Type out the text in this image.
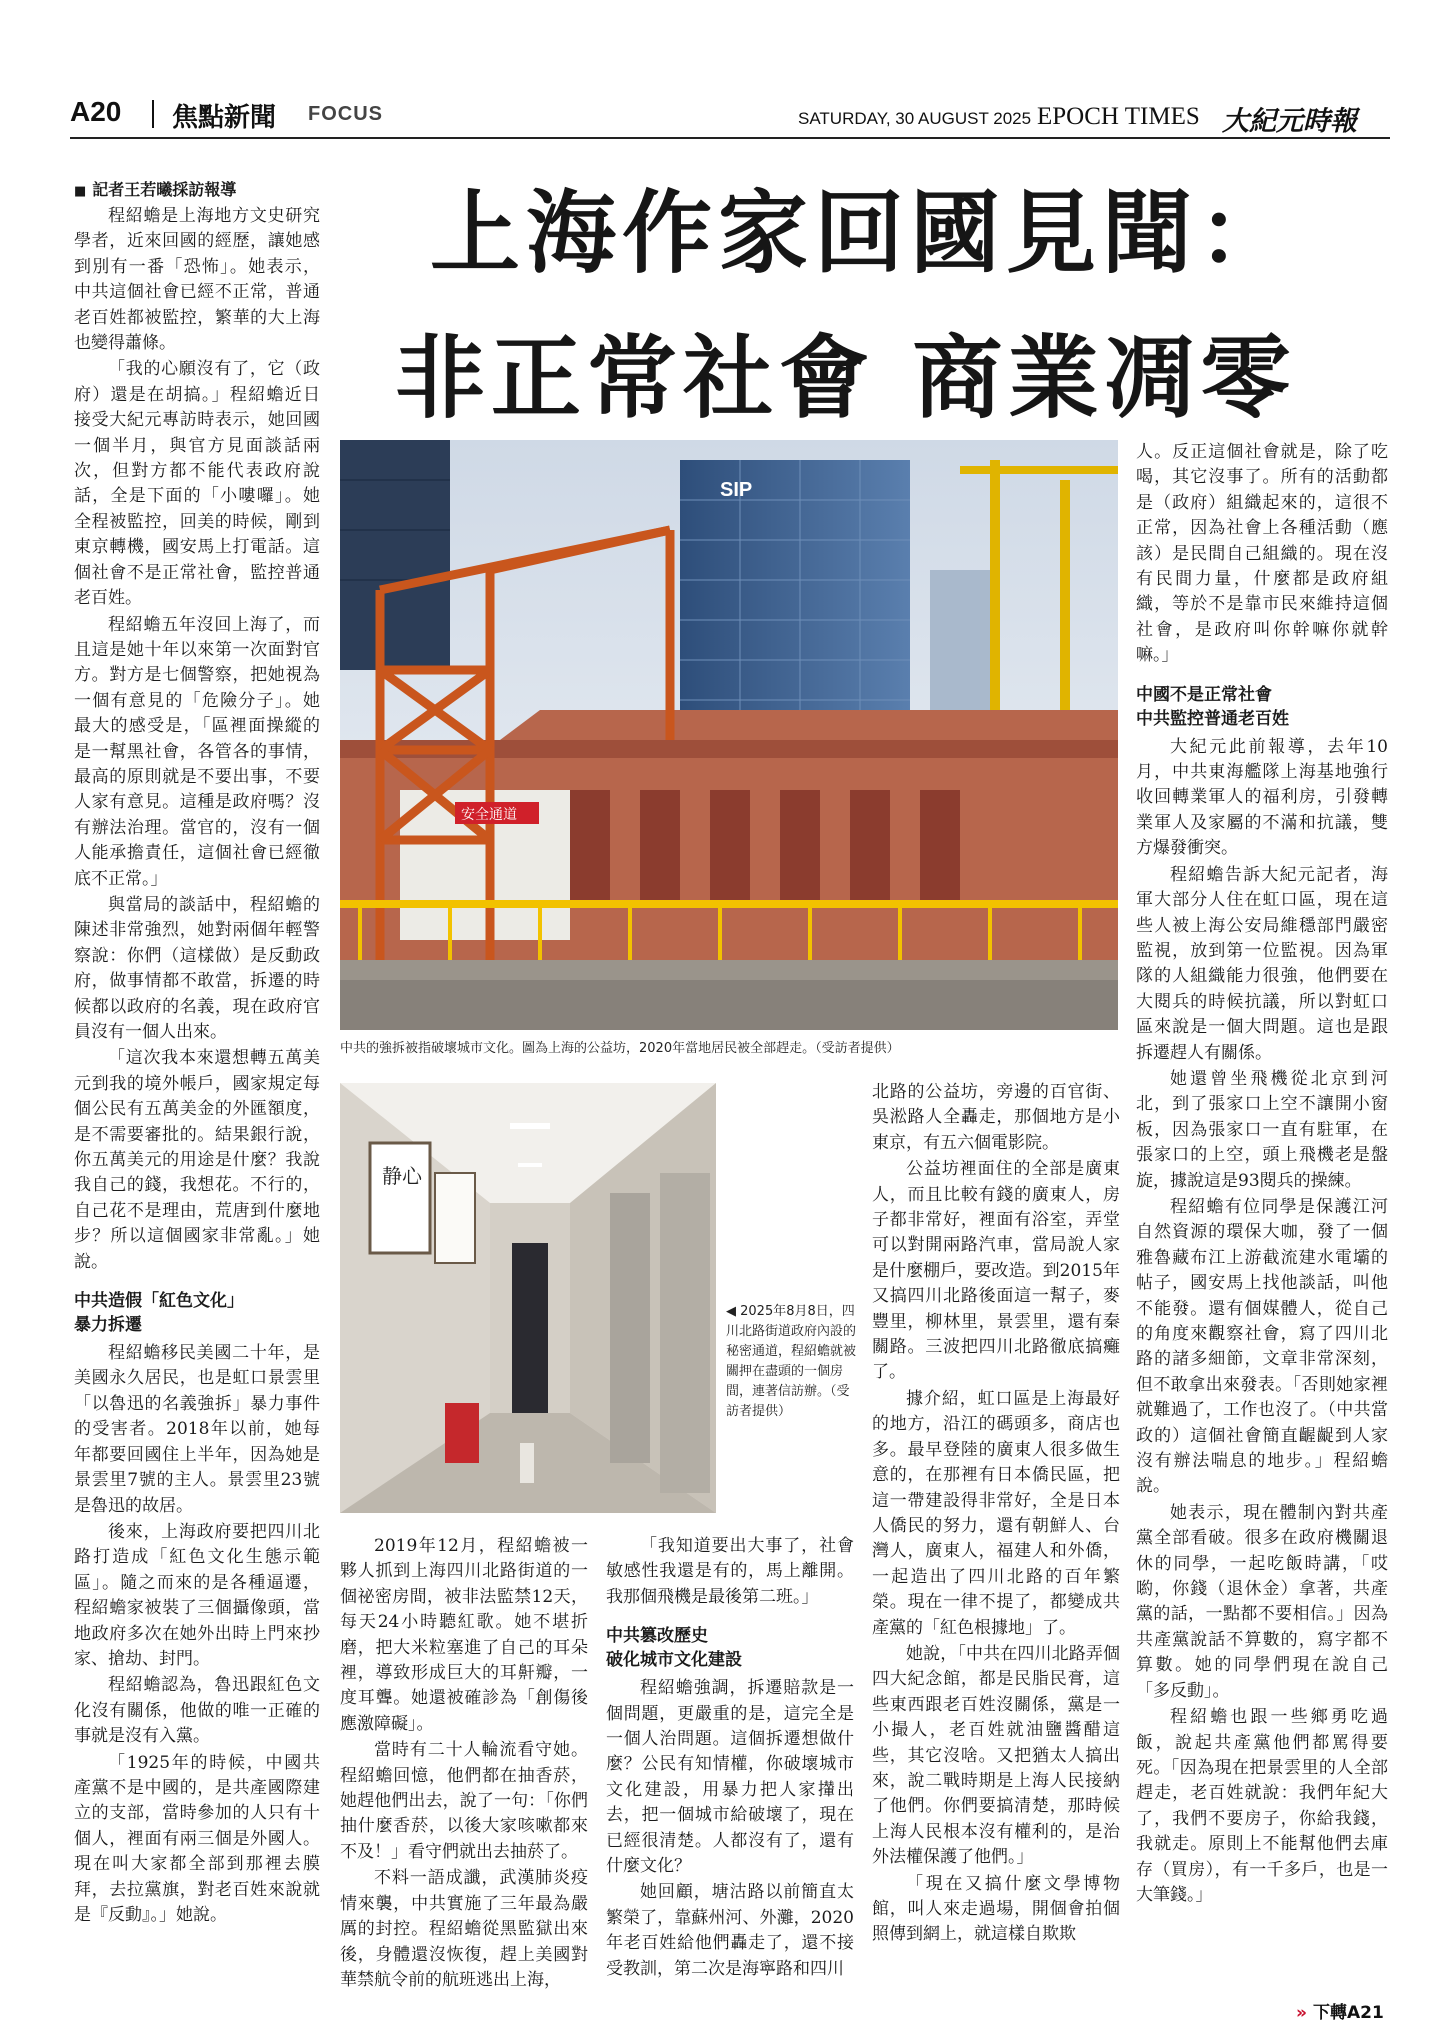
A20 焦點新聞 FOCUS	SATURDAY, 30 AUGUST 2025 EPOCH TIMES 大紀元時報
上海作家回國見聞：
非正常社會 商業凋零
■ 記者王若曦採訪報導

程紹蟾是上海地方文史研究學者，近來回國的經歷，讓她感到別有一番「恐怖」。她表示，中共這個社會已經不正常，普通老百姓都被監控，繁華的大上海也變得蕭條。

「我的心願沒有了，它（政府）還是在胡搞。」程紹蟾近日接受大紀元專訪時表示，她回國一個半月，與官方見面談話兩次，但對方都不能代表政府說話，全是下面的「小嘍囉」。她全程被監控，回美的時候，剛到東京轉機，國安馬上打電話。這個社會不是正常社會，監控普通老百姓。

程紹蟾五年沒回上海了，而且這是她十年以來第一次面對官方。對方是七個警察，把她視為一個有意見的「危險分子」。她最大的感受是，「區裡面操縱的是一幫黑社會，各管各的事情，最高的原則就是不要出事，不要人家有意見。這種是政府嗎？沒有辦法治理。當官的，沒有一個人能承擔責任，這個社會已經徹底不正常。」

與當局的談話中，程紹蟾的陳述非常強烈，她對兩個年輕警察說：你們（這樣做）是反動政府，做事情都不敢當，拆遷的時候都以政府的名義，現在政府官員沒有一個人出來。

「這次我本來還想轉五萬美元到我的境外帳戶，國家規定每個公民有五萬美金的外匯額度，是不需要審批的。結果銀行說，你五萬美元的用途是什麼？我說我自己的錢，我想花。不行的，自己花不是理由，荒唐到什麼地步？所以這個國家非常亂。」她說。

中共造假「紅色文化」
暴力拆遷

程紹蟾移民美國二十年，是美國永久居民，也是虹口景雲里「以魯迅的名義強拆」暴力事件的受害者。2018年以前，她每年都要回國住上半年，因為她是景雲里7號的主人。景雲里23號是魯迅的故居。

後來，上海政府要把四川北路打造成「紅色文化生態示範區」。隨之而來的是各種逼遷，程紹蟾家被裝了三個攝像頭，當地政府多次在她外出時上門來抄家、搶劫、封門。

程紹蟾認為，魯迅跟紅色文化沒有關係，他做的唯一正確的事就是沒有入黨。

「1925年的時候，中國共產黨不是中國的，是共產國際建立的支部，當時參加的人只有十個人，裡面有兩三個是外國人。現在叫大家都全部到那裡去膜拜，去拉黨旗，對老百姓來說就是『反動』。」她說。

SIP
安全通道
中共的強拆被指破壞城市文化。圖為上海的公益坊，2020年當地居民被全部趕走。（受訪者提供）
静心
◀ 2025年8月8日，四川北路街道政府內設的秘密通道，程紹蟾就被關押在盡頭的一個房間，連著信訪辦。（受訪者提供）

2019年12月，程紹蟾被一夥人抓到上海四川北路街道的一個祕密房間，被非法監禁12天，每天24小時聽紅歌。她不堪折磨，把大米粒塞進了自己的耳朵裡，導致形成巨大的耳鼾瓣，一度耳聾。她還被確診為「創傷後應激障礙」。

當時有二十人輪流看守她。程紹蟾回憶，他們都在抽香菸，她趕他們出去，說了一句：「你們抽什麼香菸，以後大家咳嗽都來不及！」看守們就出去抽菸了。

不料一語成讖，武漢肺炎疫情來襲，中共實施了三年最為嚴厲的封控。程紹蟾從黑監獄出來後，身體還沒恢復，趕上美國對華禁航令前的航班逃出上海，

「我知道要出大事了，社會敏感性我還是有的，馬上離開。我那個飛機是最後第二班。」

中共篡改歷史
破化城市文化建設

程紹蟾強調，拆遷賠款是一個問題，更嚴重的是，這完全是一個人治問題。這個拆遷想做什麼？公民有知情權，你破壞城市文化建設，用暴力把人家攆出去，把一個城市給破壞了，現在已經很清楚。人都沒有了，還有什麼文化？

她回顧，塘沽路以前簡直太繁榮了，靠蘇州河、外灘，2020年老百姓給他們轟走了，還不接受教訓，第二次是海寧路和四川

北路的公益坊，旁邊的百官街、吳淞路人全轟走，那個地方是小東京，有五六個電影院。

公益坊裡面住的全部是廣東人，而且比較有錢的廣東人，房子都非常好，裡面有浴室，弄堂可以對開兩路汽車，當局說人家是什麼棚戶，要改造。到2015年又搞四川北路後面這一幫子，麥豐里，柳林里，景雲里，還有秦關路。三波把四川北路徹底搞癱了。

據介紹，虹口區是上海最好的地方，沿江的碼頭多，商店也多。最早登陸的廣東人很多做生意的，在那裡有日本僑民區，把這一帶建設得非常好，全是日本人僑民的努力，還有朝鮮人、台灣人，廣東人，福建人和外僑，一起造出了四川北路的百年繁榮。現在一律不提了，都變成共產黨的「紅色根據地」了。

她說，「中共在四川北路弄個四大紀念館，都是民脂民膏，這些東西跟老百姓沒關係，黨是一小撮人，老百姓就油鹽醬醋這些，其它沒啥。又把猶太人搞出來，說二戰時期是上海人民接納了他們。你們要搞清楚，那時候上海人民根本沒有權利的，是治外法權保護了他們。」

「現在又搞什麼文學博物館，叫人來走過場，開個會拍個照傳到網上，就這樣自欺欺

人。反正這個社會就是，除了吃喝，其它沒事了。所有的活動都是（政府）組織起來的，這很不正常，因為社會上各種活動（應該）是民間自己組織的。現在沒有民間力量，什麼都是政府組織，等於不是靠市民來維持這個社會，是政府叫你幹嘛你就幹嘛。」

中國不是正常社會
中共監控普通老百姓

大紀元此前報導，去年10月，中共東海艦隊上海基地強行收回轉業軍人的福利房，引發轉業軍人及家屬的不滿和抗議，雙方爆發衝突。

程紹蟾告訴大紀元記者，海軍大部分人住在虹口區，現在這些人被上海公安局維穩部門嚴密監視，放到第一位監視。因為軍隊的人組織能力很強，他們要在大閱兵的時候抗議，所以對虹口區來說是一個大問題。這也是跟拆遷趕人有關係。

她還曾坐飛機從北京到河北，到了張家口上空不讓開小窗板，因為張家口一直有駐軍，在張家口的上空，頭上飛機老是盤旋，據說這是93閱兵的操練。

程紹蟾有位同學是保護江河自然資源的環保大咖，發了一個雅魯藏布江上游截流建水電壩的帖子，國安馬上找他談話，叫他不能發。還有個媒體人，從自己的角度來觀察社會，寫了四川北路的諸多細節，文章非常深刻，但不敢拿出來發表。「否則她家裡就難過了，工作也沒了。（中共當政的）這個社會簡直齷齪到人家沒有辦法喘息的地步。」程紹蟾說。

她表示，現在體制內對共產黨全部看破。很多在政府機關退休的同學，一起吃飯時講，「哎喲，你錢（退休金）拿著，共產黨的話，一點都不要相信。」因為共產黨說話不算數的，寫字都不算數。她的同學們現在說自己「多反動」。

程紹蟾也跟一些鄉勇吃過飯，說起共產黨他們都罵得要死。「因為現在把景雲里的人全部趕走，老百姓就說：我們年紀大了，我們不要房子，你給我錢，我就走。原則上不能幫他們去庫存（買房），有一千多戶，也是一大筆錢。」

» 下轉A21
